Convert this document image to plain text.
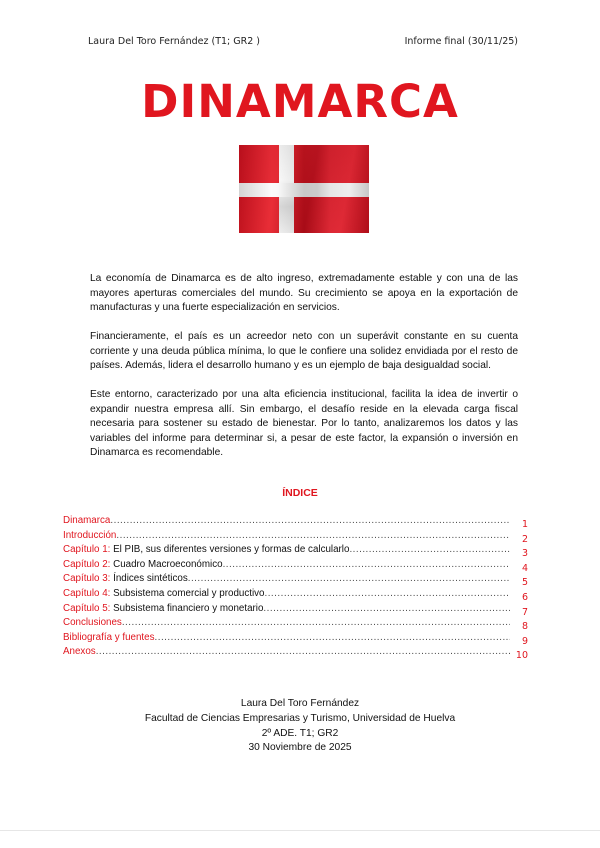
Laura Del Toro Fernández (T1; GR2 )	Informe final (30/11/25)
DINAMARCA

La economía de Dinamarca es de alto ingreso, extremadamente estable y con una de las mayores aperturas comerciales del mundo. Su crecimiento se apoya en la exportación de manufacturas y una fuerte especialización en servicios.

Financieramente, el país es un acreedor neto con un superávit constante en su cuenta corriente y una deuda pública mínima, lo que le confiere una solidez envidiada por el resto de países. Además, lidera el desarrollo humano y es un ejemplo de baja desigualdad social.

Este entorno, caracterizado por una alta eficiencia institucional, facilita la idea de invertir o expandir nuestra empresa allí. Sin embargo, el desafío reside en la elevada carga fiscal necesaria para sostener su estado de bienestar. Por lo tanto, analizaremos los datos y las variables del informe para determinar si, a pesar de este factor, la expansión o inversión en Dinamarca es recomendable.

ÍNDICE
Dinamarca .....	1
Introducción .....	2
Capítulo 1: El PIB, sus diferentes versiones y formas de calcularlo .....	3
Capítulo 2: Cuadro Macroeconómico .....	4
Capítulo 3: Índices sintéticos .....	5
Capítulo 4: Subsistema comercial y productivo .....	6
Capítulo 5: Subsistema financiero y monetario .....	7
Conclusiones .....	8
Bibliografía y fuentes .....	9
Anexos .....	10
Laura Del Toro Fernández
Facultad de Ciencias Empresarias y Turismo, Universidad de Huelva
2º ADE. T1; GR2
30 Noviembre de 2025
